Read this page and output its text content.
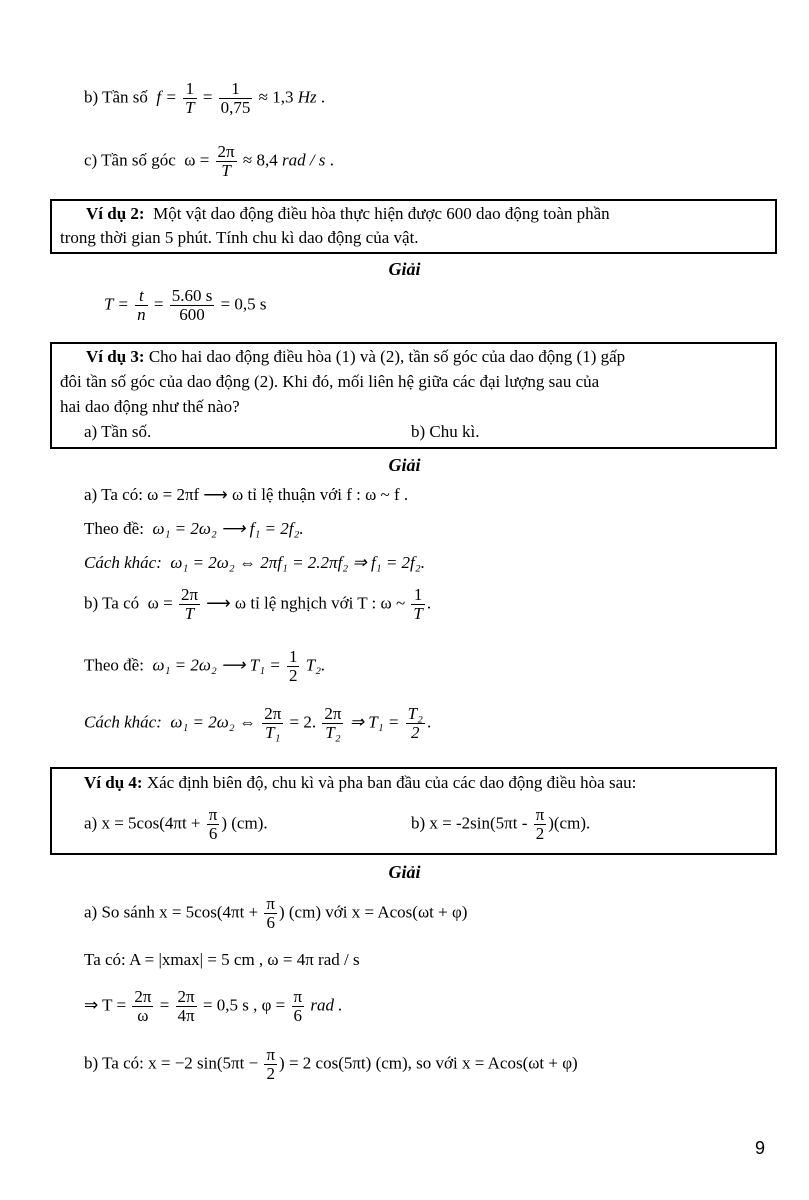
b) Tần số $f = \frac{1}{T} = \frac{1}{0,75} \approx 1,3$ Hz .
c) Tần số góc $\omega = \frac{2\pi}{T} \approx 8,4$ rad / s .
Ví dụ 2: Một vật dao động điều hòa thực hiện được 600 dao động toàn phần
trong thời gian 5 phút. Tính chu kì dao động của vật.
Giải
$T = \frac{t}{n} = \frac{5.60 s}{600} = 0,5$ s
Ví dụ 3: Cho hai dao động điều hòa (1) và (2), tần số góc của dao động (1) gấp
đôi tần số góc của dao động (2). Khi đó, mối liên hệ giữa các đại lượng sau của
hai dao động như thế nào?
a) Tần số.	b) Chu kì.
Giải
a) Ta có: ω = 2πf ⟶ ω tỉ lệ thuận với f : ω ~ f .
Theo đề: ω₁ = 2ω₂ ⟶ f₁ = 2f₂.
Cách khác: ω₁ = 2ω₂ ⇔ 2πf₁ = 2.2πf₂ ⇒ f₁ = 2f₂.
b) Ta có $\omega = \frac{2\pi}{T}$ ⟶ ω tỉ lệ nghịch với T : ω ~ $\frac{1}{T}$ .
Theo đề: ω₁ = 2ω₂ ⟶ $T_1 = \frac{1}{2} T_2$.
Cách khác: ω₁ = 2ω₂ ⇔ $\frac{2\pi}{\text{T₁}} = 2$. $\frac{2\pi}{\text{T₂}}$ ⇒ $T_1 = \frac{\text{T₂}}{2}$ .
Ví dụ 4: Xác định biên độ, chu kì và pha ban đầu của các dao động điều hòa sau:
a) $x = 5\cos(4\pi t + \frac{\pi}{6}$ ) (cm).	b) $x = -2\sin(5\pi t - \frac{\pi}{2} )(cm)$.
Giải
a) So sánh $x = 5\cos(4\pi t + \frac{\pi}{6}$ ) (cm) với x = Acos(ωt + φ)
Ta có: A = |xmax| = 5 cm , ω = 4π rad / s
⇒ $T = \frac{2\pi}{\omega} = \frac{2\pi}{4\pi} = 0,5$ s , $\varphi = \frac{\pi}{6}$ rad .
b) Ta có: x = −2 $\sin(5\pi t - \frac{\pi}{2}$ ) = 2 cos(5πt) (cm), so với x = Acos(ωt + φ)
9
